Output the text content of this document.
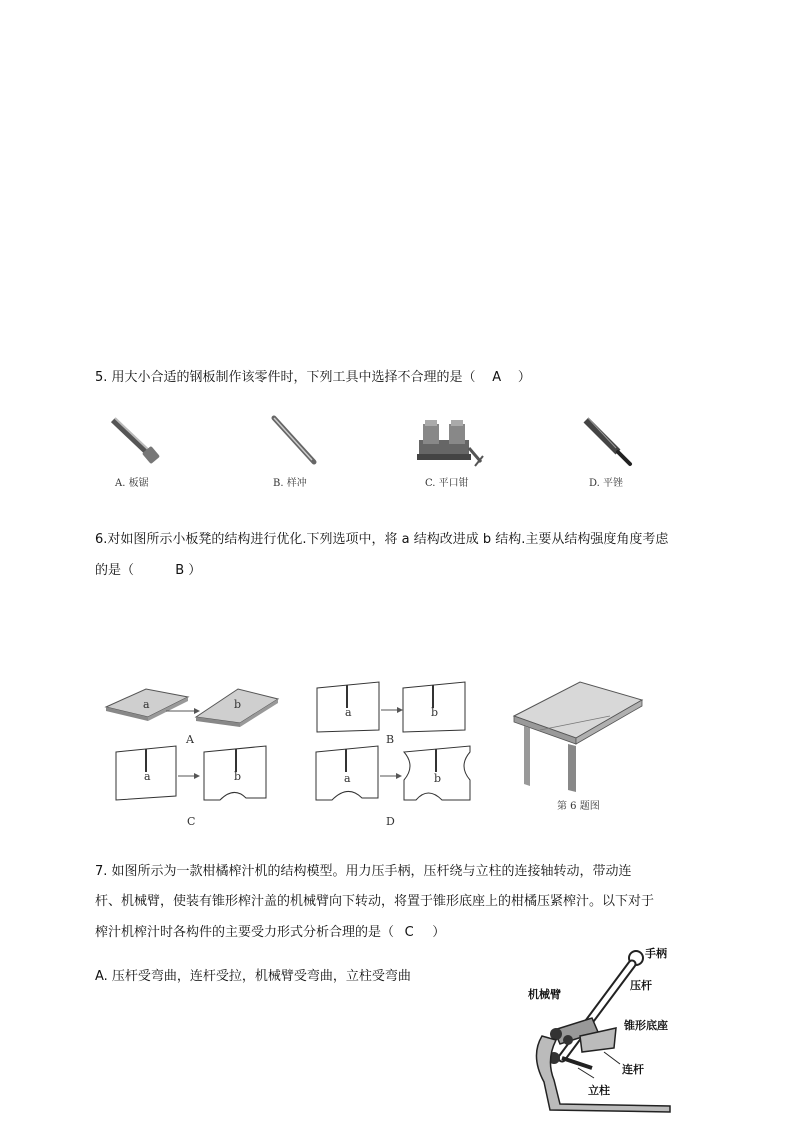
5. 用大小合适的钢板制作该零件时，下列工具中选择不合理的是（ A ）
A. 板锯	B. 样冲	C. 平口钳	D. 平锉
6.对如图所示小板凳的结构进行优化.下列选项中，将 a 结构改进成 b 结构.主要从结构强度角度考虑
的是（	B ）
a	b
A
a	b
B
a	b
C
a	b
D
第 6 题图
7. 如图所示为一款柑橘榨汁机的结构模型。用力压手柄，压杆绕与立柱的连接轴转动，带动连
杆、机械臂，使装有锥形榨汁盖的机械臂向下转动，将置于锥形底座上的柑橘压紧榨汁。以下对于
榨汁机榨汁时各构件的主要受力形式分析合理的是（ C ）
A. 压杆受弯曲，连杆受拉，机械臂受弯曲，立柱受弯曲
手柄
压杆
机械臂
锥形底座
连杆
立柱
